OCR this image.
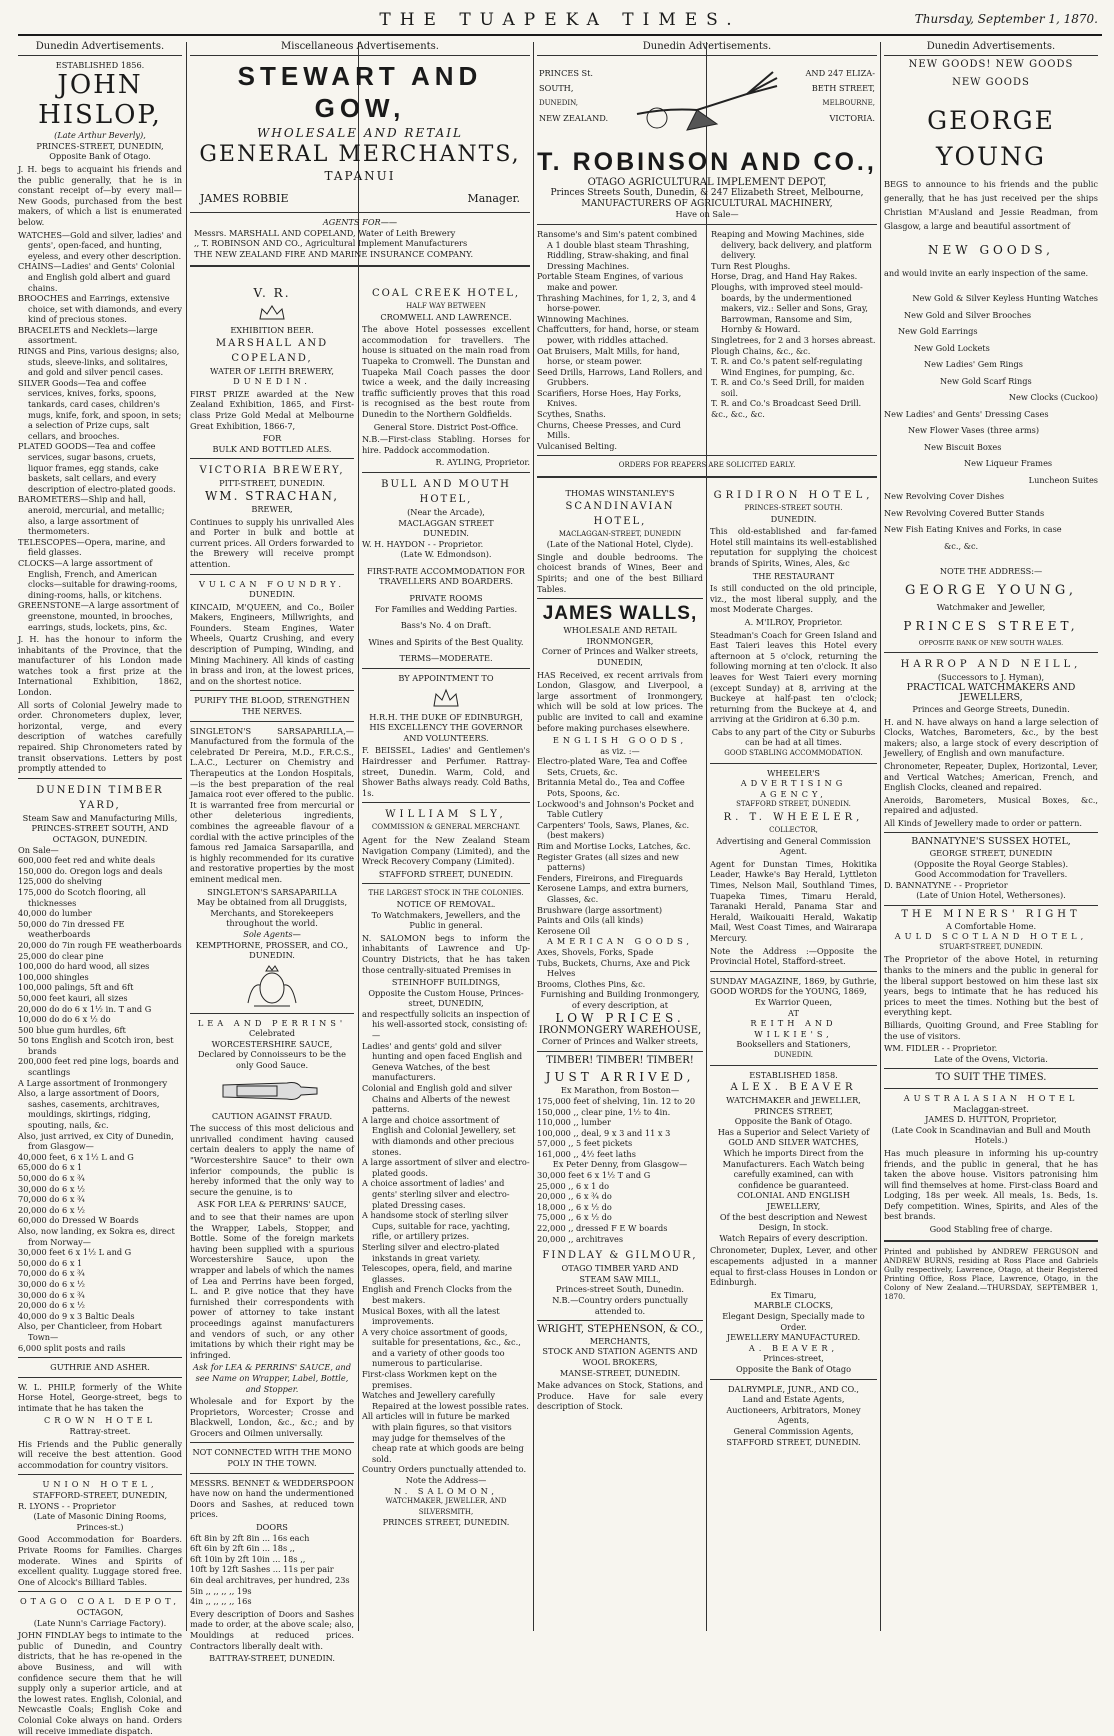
THE TUAPEKA TIMES.	Thursday, September 1, 1870.
Dunedin Advertisements.
ESTABLISHED 1856.
JOHN HISLOP,
(Late Arthur Beverly),
PRINCES-STREET, DUNEDIN,
Opposite Bank of Otago.

J. H. begs to acquaint his friends and the public generally, that he is in constant receipt of—by every mail—New Goods, purchased from the best makers, of which a list is enumerated below.

WATCHES—Gold and silver, ladies' and gents', open-faced, and hunting, eyeless, and every other description.
CHAINS—Ladies' and Gents' Colonial and English gold albert and guard chains.
BROOCHES and Earrings, extensive choice, set with diamonds, and every kind of precious stones.
BRACELETS and Necklets—large assortment.
RINGS and Pins, various designs; also, studs, sleeve-links, and solitaires, and gold and silver pencil cases.
SILVER Goods—Tea and coffee services, knives, forks, spoons, tankards, card cases, children's mugs, knife, fork, and spoon, in sets; a selection of Prize cups, salt cellars, and brooches.
PLATED GOODS—Tea and coffee services, sugar basons, cruets, liquor frames, egg stands, cake baskets, salt cellars, and every description of electro-plated goods.
BAROMETERS—Ship and hall, aneroid, mercurial, and metallic; also, a large assortment of thermometers.
TELESCOPES—Opera, marine, and field glasses.
CLOCKS—A large assortment of English, French, and American clocks—suitable for drawing-rooms, dining-rooms, halls, or kitchens.
GREENSTONE—A large assortment of greenstone, mounted, in brooches, earrings, studs, lockets, pins, &c.

J. H. has the honour to inform the inhabitants of the Province, that the manufacturer of his London made watches took a first prize at the International Exhibition, 1862, London.

All sorts of Colonial Jewelry made to order. Chronometers duplex, lever, horizontal, verge, and every description of watches carefully repaired. Ship Chronometers rated by transit observations. Letters by post promptly attended to

DUNEDIN TIMBER YARD,
Steam Saw and Manufacturing Mills,
PRINCES-STREET SOUTH, AND OCTAGON, DUNEDIN.
On Sale—
600,000 feet red and white deals
150,000 do. Oregon logs and deals
125,000 do shelving
175,000 do Scotch flooring, all thicknesses
40,000 do lumber
50,000 do 7in dressed FE weatherboards
20,000 do 7in rough FE weatherboards
25,000 do clear pine
100,000 do hard wood, all sizes
100,000 shingles
100,000 palings, 5ft and 6ft
50,000 feet kauri, all sizes
20,000 do do 6 x 1½ in. T and G
10,000 do do 6 x ½ do
500 blue gum hurdles, 6ft
50 tons English and Scotch iron, best brands
200,000 feet red pine logs, boards and scantlings
A Large assortment of Ironmongery
Also, a large assortment of Doors, sashes, casements, architraves, mouldings, skirtings, ridging, spouting, nails, &c.
Also, just arrived, ex City of Dunedin, from Glasgow—
40,000 feet, 6 x 1½ L and G
65,000 do 6 x 1
50,000 do 6 x ¾
30,000 do 6 x ½
70,000 do 6 x ¾
20,000 do 6 x ½
60,000 do Dressed W Boards
Also, now landing, ex Sokra es, direct from Norway—
30,000 feet 6 x 1½ L and G
50,000 do 6 x 1
70,000 do 6 x ¾
30,000 do 6 x ½
30,000 do 6 x ¾
20,000 do 6 x ½
40,000 do 9 x 3 Baltic Deals
Also, per Chanticleer, from Hobart Town—
6,000 split posts and rails
GUTHRIE AND ASHER.

W. L. PHILP, formerly of the White Horse Hotel, George-street, begs to intimate that he has taken the

CROWN HOTEL
Rattray-street.

His Friends and the Public generally will receive the best attention. Good accommodation for country visitors.

UNION HOTEL,
STAFFORD-STREET, DUNEDIN,
R. LYONS - - Proprietor
(Late of Masonic Dining Rooms, Princes-st.)

Good Accommodation for Boarders. Private Rooms for Families. Charges moderate. Wines and Spirits of excellent quality. Luggage stored free. One of Alcock's Billiard Tables.

OTAGO COAL DEPOT,
OCTAGON,
(Late Nunn's Carriage Factory).

JOHN FINDLAY begs to intimate to the public of Dunedin, and Country districts, that he has re-opened in the above Business, and will with confidence secure them that he will supply only a superior article, and at the lowest rates. English, Colonial, and Newcastle Coals; English Coke and Colonial Coke always on hand. Orders will receive immediate dispatch.

Miscellaneous Advertisements.
STEWART AND GOW,
WHOLESALE AND RETAIL
GENERAL MERCHANTS,
TAPANUI
JAMES ROBBIE	Manager.
AGENTS FOR——
Messrs. MARSHALL AND COPELAND, Water of Leith Brewery
,, T. ROBINSON AND CO., Agricultural Implement Manufacturers
THE NEW ZEALAND FIRE AND MARINE INSURANCE COMPANY.
V. R.
EXHIBITION BEER.
MARSHALL AND COPELAND,
WATER OF LEITH BREWERY,
DUNEDIN.

FIRST PRIZE awarded at the New Zealand Exhibition, 1865, and First-class Prize Gold Medal at Melbourne Great Exhibition, 1866-7,

FOR
BULK AND BOTTLED ALES.
VICTORIA BREWERY,
PITT-STREET, DUNEDIN.
WM. STRACHAN,
BREWER,

Continues to supply his unrivalled Ales and Porter in bulk and bottle at current prices. All Orders forwarded to the Brewery will receive prompt attention.

VULCAN FOUNDRY.
DUNEDIN.

KINCAID, M'QUEEN, and Co., Boiler Makers, Engineers, Millwrights, and Founders. Steam Engines, Water Wheels, Quartz Crushing, and every description of Pumping, Winding, and Mining Machinery. All kinds of casting in brass and iron, at the lowest prices, and on the shortest notice.

PURIFY THE BLOOD, STRENGTHEN THE NERVES.

SINGLETON'S SARSAPARILLA,—Manufactured from the formula of the celebrated Dr Pereira, M.D., F.R.C.S., L.A.C., Lecturer on Chemistry and Therapeutics at the London Hospitals,—is the best preparation of the real Jamaica root ever offered to the public. It is warranted free from mercurial or other deleterious ingredients, combines the agreeable flavour of a cordial with the active principles of the famous red Jamaica Sarsaparilla, and is highly recommended for its curative and restorative properties by the most eminent medical men.

SINGLETON'S SARSAPARILLA
May be obtained from all Druggists, Merchants, and Storekeepers throughout the world.
Sole Agents—
KEMPTHORNE, PROSSER, and CO.,
DUNEDIN.
LEA AND PERRINS'
Celebrated
WORCESTERSHIRE SAUCE,
Declared by Connoisseurs to be the only Good Sauce.
CAUTION AGAINST FRAUD.

The success of this most delicious and unrivalled condiment having caused certain dealers to apply the name of "Worcestershire Sauce" to their own inferior compounds, the public is hereby informed that the only way to secure the genuine, is to

ASK FOR LEA & PERRINS' SAUCE,

and to see that their names are upon the Wrapper, Labels, Stopper, and Bottle. Some of the foreign markets having been supplied with a spurious Worcestershire Sauce, upon the wrapper and labels of which the names of Lea and Perrins have been forged, L. and P. give notice that they have furnished their correspondents with power of attorney to take instant proceedings against manufacturers and vendors of such, or any other imitations by which their right may be infringed.

Ask for LEA & PERRINS' SAUCE, and see Name on Wrapper, Label, Bottle, and Stopper.

Wholesale and for Export by the Proprietors, Worcester; Crosse and Blackwell, London, &c., &c.; and by Grocers and Oilmen universally.

NOT CONNECTED WITH THE MONO POLY IN THE TOWN.

MESSRS. BENNET & WEDDERSPOON have now on hand the undermentioned Doors and Sashes, at reduced town prices.

DOORS
6ft 8in by 2ft 8in ... 16s each
6ft 6in by 2ft 6in ... 18s ,,
6ft 10in by 2ft 10in ... 18s ,,
10ft by 12ft Sashes ... 11s per pair
6in deal architraves, per hundred, 23s
5in ,, ,, ,, ,, 19s
4in ,, ,, ,, ,, 16s

Every description of Doors and Sashes made to order, at the above scale; also, Mouldings at reduced prices. Contractors liberally dealt with.

BATTRAY-STREET, DUNEDIN.
COAL CREEK HOTEL,
HALF WAY BETWEEN
CROMWELL AND LAWRENCE.

The above Hotel possesses excellent accommodation for travellers. The house is situated on the main road from Tuapeka to Cromwell. The Dunstan and Tuapeka Mail Coach passes the door twice a week, and the daily increasing traffic sufficiently proves that this road is recognised as the best route from Dunedin to the Northern Goldfields.

General Store. District Post-Office.

N.B.—First-class Stabling. Horses for hire. Paddock accommodation.

R. AYLING, Proprietor.
BULL AND MOUTH HOTEL,
(Near the Arcade),
MACLAGGAN STREET
DUNEDIN.
W. H. HAYDON - - Proprietor.
(Late W. Edmondson).
FIRST-RATE ACCOMMODATION FOR TRAVELLERS AND BOARDERS.
PRIVATE ROOMS
For Families and Wedding Parties.
Bass's No. 4 on Draft.
Wines and Spirits of the Best Quality.
TERMS—MODERATE.
BY APPOINTMENT TO
H.R.H. THE DUKE OF EDINBURGH, HIS EXCELLENCY THE GOVERNOR AND VOLUNTEERS.

F. BEISSEL, Ladies' and Gentlemen's Hairdresser and Perfumer. Rattray-street, Dunedin. Warm, Cold, and Shower Baths always ready. Cold Baths, 1s.

WILLIAM SLY,
COMMISSION & GENERAL MERCHANT.

Agent for the New Zealand Steam Navigation Company (Limited), and the Wreck Recovery Company (Limited).

STAFFORD STREET, DUNEDIN.
THE LARGEST STOCK IN THE COLONIES.
NOTICE OF REMOVAL.
To Watchmakers, Jewellers, and the Public in general.

N. SALOMON begs to inform the inhabitants of Lawrence and Up-Country Districts, that he has taken those centrally-situated Premises in

STEINHOFF BUILDINGS,
Opposite the Custom House, Princes-street, DUNEDIN,
and respectfully solicits an inspection of his well-assorted stock, consisting of:—
Ladies' and gents' gold and silver hunting and open faced English and Geneva Watches, of the best manufacturers.
Colonial and English gold and silver Chains and Alberts of the newest patterns.
A large and choice assortment of English and Colonial Jewellery, set with diamonds and other precious stones.
A large assortment of silver and electro-plated goods.
A choice assortment of ladies' and gents' sterling silver and electro-plated Dressing cases.
A handsome stock of sterling silver Cups, suitable for race, yachting, rifle, or artillery prizes.
Sterling silver and electro-plated inkstands in great variety.
Telescopes, opera, field, and marine glasses.
English and French Clocks from the best makers.
Musical Boxes, with all the latest improvements.
A very choice assortment of goods, suitable for presentations, &c., &c., and a variety of other goods too numerous to particularise.
First-class Workmen kept on the premises.
Watches and Jewellery carefully Repaired at the lowest possible rates.
All articles will in future be marked with plain figures, so that visitors may judge for themselves of the cheap rate at which goods are being sold.
Country Orders punctually attended to.
Note the Address—
N. SALOMON,
WATCHMAKER, JEWELLER, AND SILVERSMITH,
PRINCES STREET, DUNEDIN.
Dunedin Advertisements.
PRINCES St.
SOUTH,
DUNEDIN,
NEW ZEALAND.
AND 247 ELIZA-
BETH STREET,
MELBOURNE,
VICTORIA.
T. ROBINSON AND CO.,
OTAGO AGRICULTURAL IMPLEMENT DEPOT,
Princes Streets South, Dunedin, & 247 Elizabeth Street, Melbourne,
MANUFACTURERS OF AGRICULTURAL MACHINERY,
Have on Sale—
Ransome's and Sim's patent combined A 1 double blast steam Thrashing, Riddling, Straw-shaking, and final Dressing Machines.
Portable Steam Engines, of various make and power.
Thrashing Machines, for 1, 2, 3, and 4 horse-power.
Winnowing Machines.
Chaffcutters, for hand, horse, or steam power, with riddles attached.
Oat Bruisers, Malt Mills, for hand, horse, or steam power.
Seed Drills, Harrows, Land Rollers, and Grubbers.
Scarifiers, Horse Hoes, Hay Forks, Knives.
Scythes, Snaths.
Churns, Cheese Presses, and Curd Mills.
Vulcanised Belting.
Reaping and Mowing Machines, side delivery, back delivery, and platform delivery.
Turn Rest Ploughs.
Horse, Drag, and Hand Hay Rakes.
Ploughs, with improved steel mould-boards, by the undermentioned makers, viz.: Seller and Sons, Gray, Barrowman, Ransome and Sim, Hornby & Howard.
Singletrees, for 2 and 3 horses abreast.
Plough Chains, &c., &c.
T. R. and Co.'s patent self-regulating Wind Engines, for pumping, &c.
T. R. and Co.'s Seed Drill, for maiden soil.
T. R. and Co.'s Broadcast Seed Drill.
&c., &c., &c.
ORDERS FOR REAPERS ARE SOLICITED EARLY.
THOMAS WINSTANLEY'S
SCANDINAVIAN HOTEL,
MACLAGGAN-STREET, DUNEDIN
(Late of the National Hotel, Clyde).

Single and double bedrooms. The choicest brands of Wines, Beer and Spirits; and one of the best Billiard Tables.

JAMES WALLS,
WHOLESALE AND RETAIL IRONMONGER,
Corner of Princes and Walker streets, DUNEDIN,

HAS Received, ex recent arrivals from London, Glasgow, and Liverpool, a large assortment of Ironmongery, which will be sold at low prices. The public are invited to call and examine before making purchases elsewhere.

ENGLISH GOODS,
as viz. :—
Electro-plated Ware, Tea and Coffee Sets, Cruets, &c.
Britannia Metal do., Tea and Coffee Pots, Spoons, &c.
Lockwood's and Johnson's Pocket and Table Cutlery
Carpenters' Tools, Saws, Planes, &c. (best makers)
Rim and Mortise Locks, Latches, &c.
Register Grates (all sizes and new patterns)
Fenders, Fireirons, and Fireguards
Kerosene Lamps, and extra burners, Glasses, &c.
Brushware (large assortment)
Paints and Oils (all kinds)
Kerosene Oil
AMERICAN GOODS,
Axes, Shovels, Forks, Spade
Tubs, Buckets, Churns, Axe and Pick Helves
Brooms, Clothes Pins, &c.
Furnishing and Building Ironmongery, of every description, at
LOW PRICES.
IRONMONGERY WAREHOUSE,
Corner of Princes and Walker streets,
TIMBER! TIMBER! TIMBER!
JUST ARRIVED,
Ex Marathon, from Boston—
175,000 feet of shelving, 1in. 12 to 20
150,000 ,, clear pine, 1½ to 4in.
110,000 ,, lumber
100,000 ,, deal, 9 x 3 and 11 x 3
57,000 ,, 5 feet pickets
161,000 ,, 4½ feet laths
Ex Peter Denny, from Glasgow—
30,000 feet 6 x 1½ T and G
25,000 ,, 6 x 1 do
20,000 ,, 6 x ¾ do
18,000 ,, 6 x ½ do
75,000 ,, 6 x ½ do
22,000 ,, dressed F E W boards
20,000 ,, architraves
FINDLAY & GILMOUR,
OTAGO TIMBER YARD AND
STEAM SAW MILL,
Princes-street South, Dunedin.
N.B.—Country orders punctually attended to.
WRIGHT, STEPHENSON, & CO.,
MERCHANTS,
STOCK AND STATION AGENTS AND
WOOL BROKERS,
MANSE-STREET, DUNEDIN.

Make advances on Stock, Stations, and Produce. Have for sale every description of Stock.

GRIDIRON HOTEL,
PRINCES-STREET SOUTH.
DUNEDIN.

This old-established and far-famed Hotel still maintains its well-established reputation for supplying the choicest brands of Spirits, Wines, Ales, &c

THE RESTAURANT

Is still conducted on the old principle, viz., the most liberal supply, and the most Moderate Charges.

A. M'ILROY, Proprietor.

Steadman's Coach for Green Island and East Taieri leaves this Hotel every afternoon at 5 o'clock, returning the following morning at ten o'clock. It also leaves for West Taieri every morning (except Sunday) at 8, arriving at the Buckeye at half-past ten o'clock; returning from the Buckeye at 4, and arriving at the Gridiron at 6.30 p.m.

Cabs to any part of the City or Suburbs can be had at all times.
GOOD STABLING ACCOMMODATION.
WHEELER'S
ADVERTISING AGENCY,
STAFFORD STREET, DUNEDIN.
R. T. WHEELER,
COLLECTOR,
Advertising and General Commission Agent.

Agent for Dunstan Times, Hokitika Leader, Hawke's Bay Herald, Lyttleton Times, Nelson Mail, Southland Times, Tuapeka Times, Timaru Herald, Taranaki Herald, Panama Star and Herald, Waikouaiti Herald, Wakatip Mail, West Coast Times, and Wairarapa Mercury.

Note the Address :—Opposite the Provincial Hotel, Stafford-street.

SUNDAY MAGAZINE, 1869, by Guthrie,
GOOD WORDS for the YOUNG, 1869,
Ex Warrior Queen,
AT
REITH AND WILKIE'S,
Booksellers and Stationers,
DUNEDIN.
ESTABLISHED 1858.
ALEX. BEAVER
WATCHMAKER and JEWELLER,
PRINCES STREET,
Opposite the Bank of Otago.
Has a Superior and Select Variety of
GOLD AND SILVER WATCHES,
Which he imports Direct from the Manufacturers. Each Watch being carefully examined, can with confidence be guaranteed.
COLONIAL AND ENGLISH JEWELLERY,
Of the best description and Newest Design, In stock.
Watch Repairs of every description.

Chronometer, Duplex, Lever, and other escapements adjusted in a manner equal to first-class Houses in London or Edinburgh.

Ex Timaru,
MARBLE CLOCKS,
Elegant Design, Specially made to Order.
JEWELLERY MANUFACTURED.
A. BEAVER,
Princes-street,
Opposite the Bank of Otago
DALRYMPLE, JUNR., AND CO.,
Land and Estate Agents,
Auctioneers, Arbitrators, Money Agents,
General Commission Agents,
STAFFORD STREET, DUNEDIN.
Dunedin Advertisements.
NEW GOODS! NEW GOODS
NEW GOODS
GEORGE YOUNG

BEGS to announce to his friends and the public generally, that he has just received per the ships Christian M'Ausland and Jessie Readman, from Glasgow, a large and beautiful assortment of

NEW GOODS,

and would invite an early inspection of the same.

New Gold & Silver Keyless Hunting Watches
New Gold and Silver Brooches
New Gold Earrings
New Gold Lockets
New Ladies' Gem Rings
New Gold Scarf Rings
New Clocks (Cuckoo)
New Ladies' and Gents' Dressing Cases
New Flower Vases (three arms)
New Biscuit Boxes
New Liqueur Frames
Luncheon Suites
New Revolving Cover Dishes
New Revolving Covered Butter Stands
New Fish Eating Knives and Forks, in case
&c., &c.
NOTE THE ADDRESS:—
GEORGE YOUNG,
Watchmaker and Jeweller,
PRINCES STREET,
OPPOSITE BANK OF NEW SOUTH WALES.
HARROP AND NEILL,
(Successors to J. Hyman),
PRACTICAL WATCHMAKERS AND JEWELLERS,
Princes and George Streets, Dunedin.

H. and N. have always on hand a large selection of Clocks, Watches, Barometers, &c., by the best makers; also, a large stock of every description of Jewellery, of English and own manufacture.

Chronometer, Repeater, Duplex, Horizontal, Lever, and Vertical Watches; American, French, and English Clocks, cleaned and repaired.

Aneroids, Barometers, Musical Boxes, &c., repaired and adjusted.

All Kinds of Jewellery made to order or pattern.

BANNATYNE'S SUSSEX HOTEL,
GEORGE STREET, DUNEDIN
(Opposite the Royal George Stables).
Good Accommodation for Travellers.
D. BANNATYNE - - Proprietor
(Late of Union Hotel, Wethersones).
THE MINERS' RIGHT
A Comfortable Home.
AULD SCOTLAND HOTEL,
STUART-STREET, DUNEDIN.

The Proprietor of the above Hotel, in returning thanks to the miners and the public in general for the liberal support bestowed on him these last six years, begs to intimate that he has reduced his prices to meet the times. Nothing but the best of everything kept.

Billiards, Quoiting Ground, and Free Stabling for the use of visitors.

WM. FIDLER - - Proprietor.
Late of the Ovens, Victoria.
TO SUIT THE TIMES.
AUSTRALASIAN HOTEL
Maclaggan-street.
JAMES D. HUTTON, Proprietor,
(Late Cook in Scandinavian and Bull and Mouth Hotels.)

Has much pleasure in informing his up-country friends, and the public in general, that he has taken the above house. Visitors patronising him will find themselves at home. First-class Board and Lodging, 18s per week. All meals, 1s. Beds, 1s. Defy competition. Wines, Spirits, and Ales of the best brands.

Good Stabling free of charge.

Printed and published by ANDREW FERGUSON and ANDREW BURNS, residing at Ross Place and Gabriels Gully respectively, Lawrence, Otago, at their Registered Printing Office, Ross Place, Lawrence, Otago, in the Colony of New Zealand.—THURSDAY, SEPTEMBER 1, 1870.
